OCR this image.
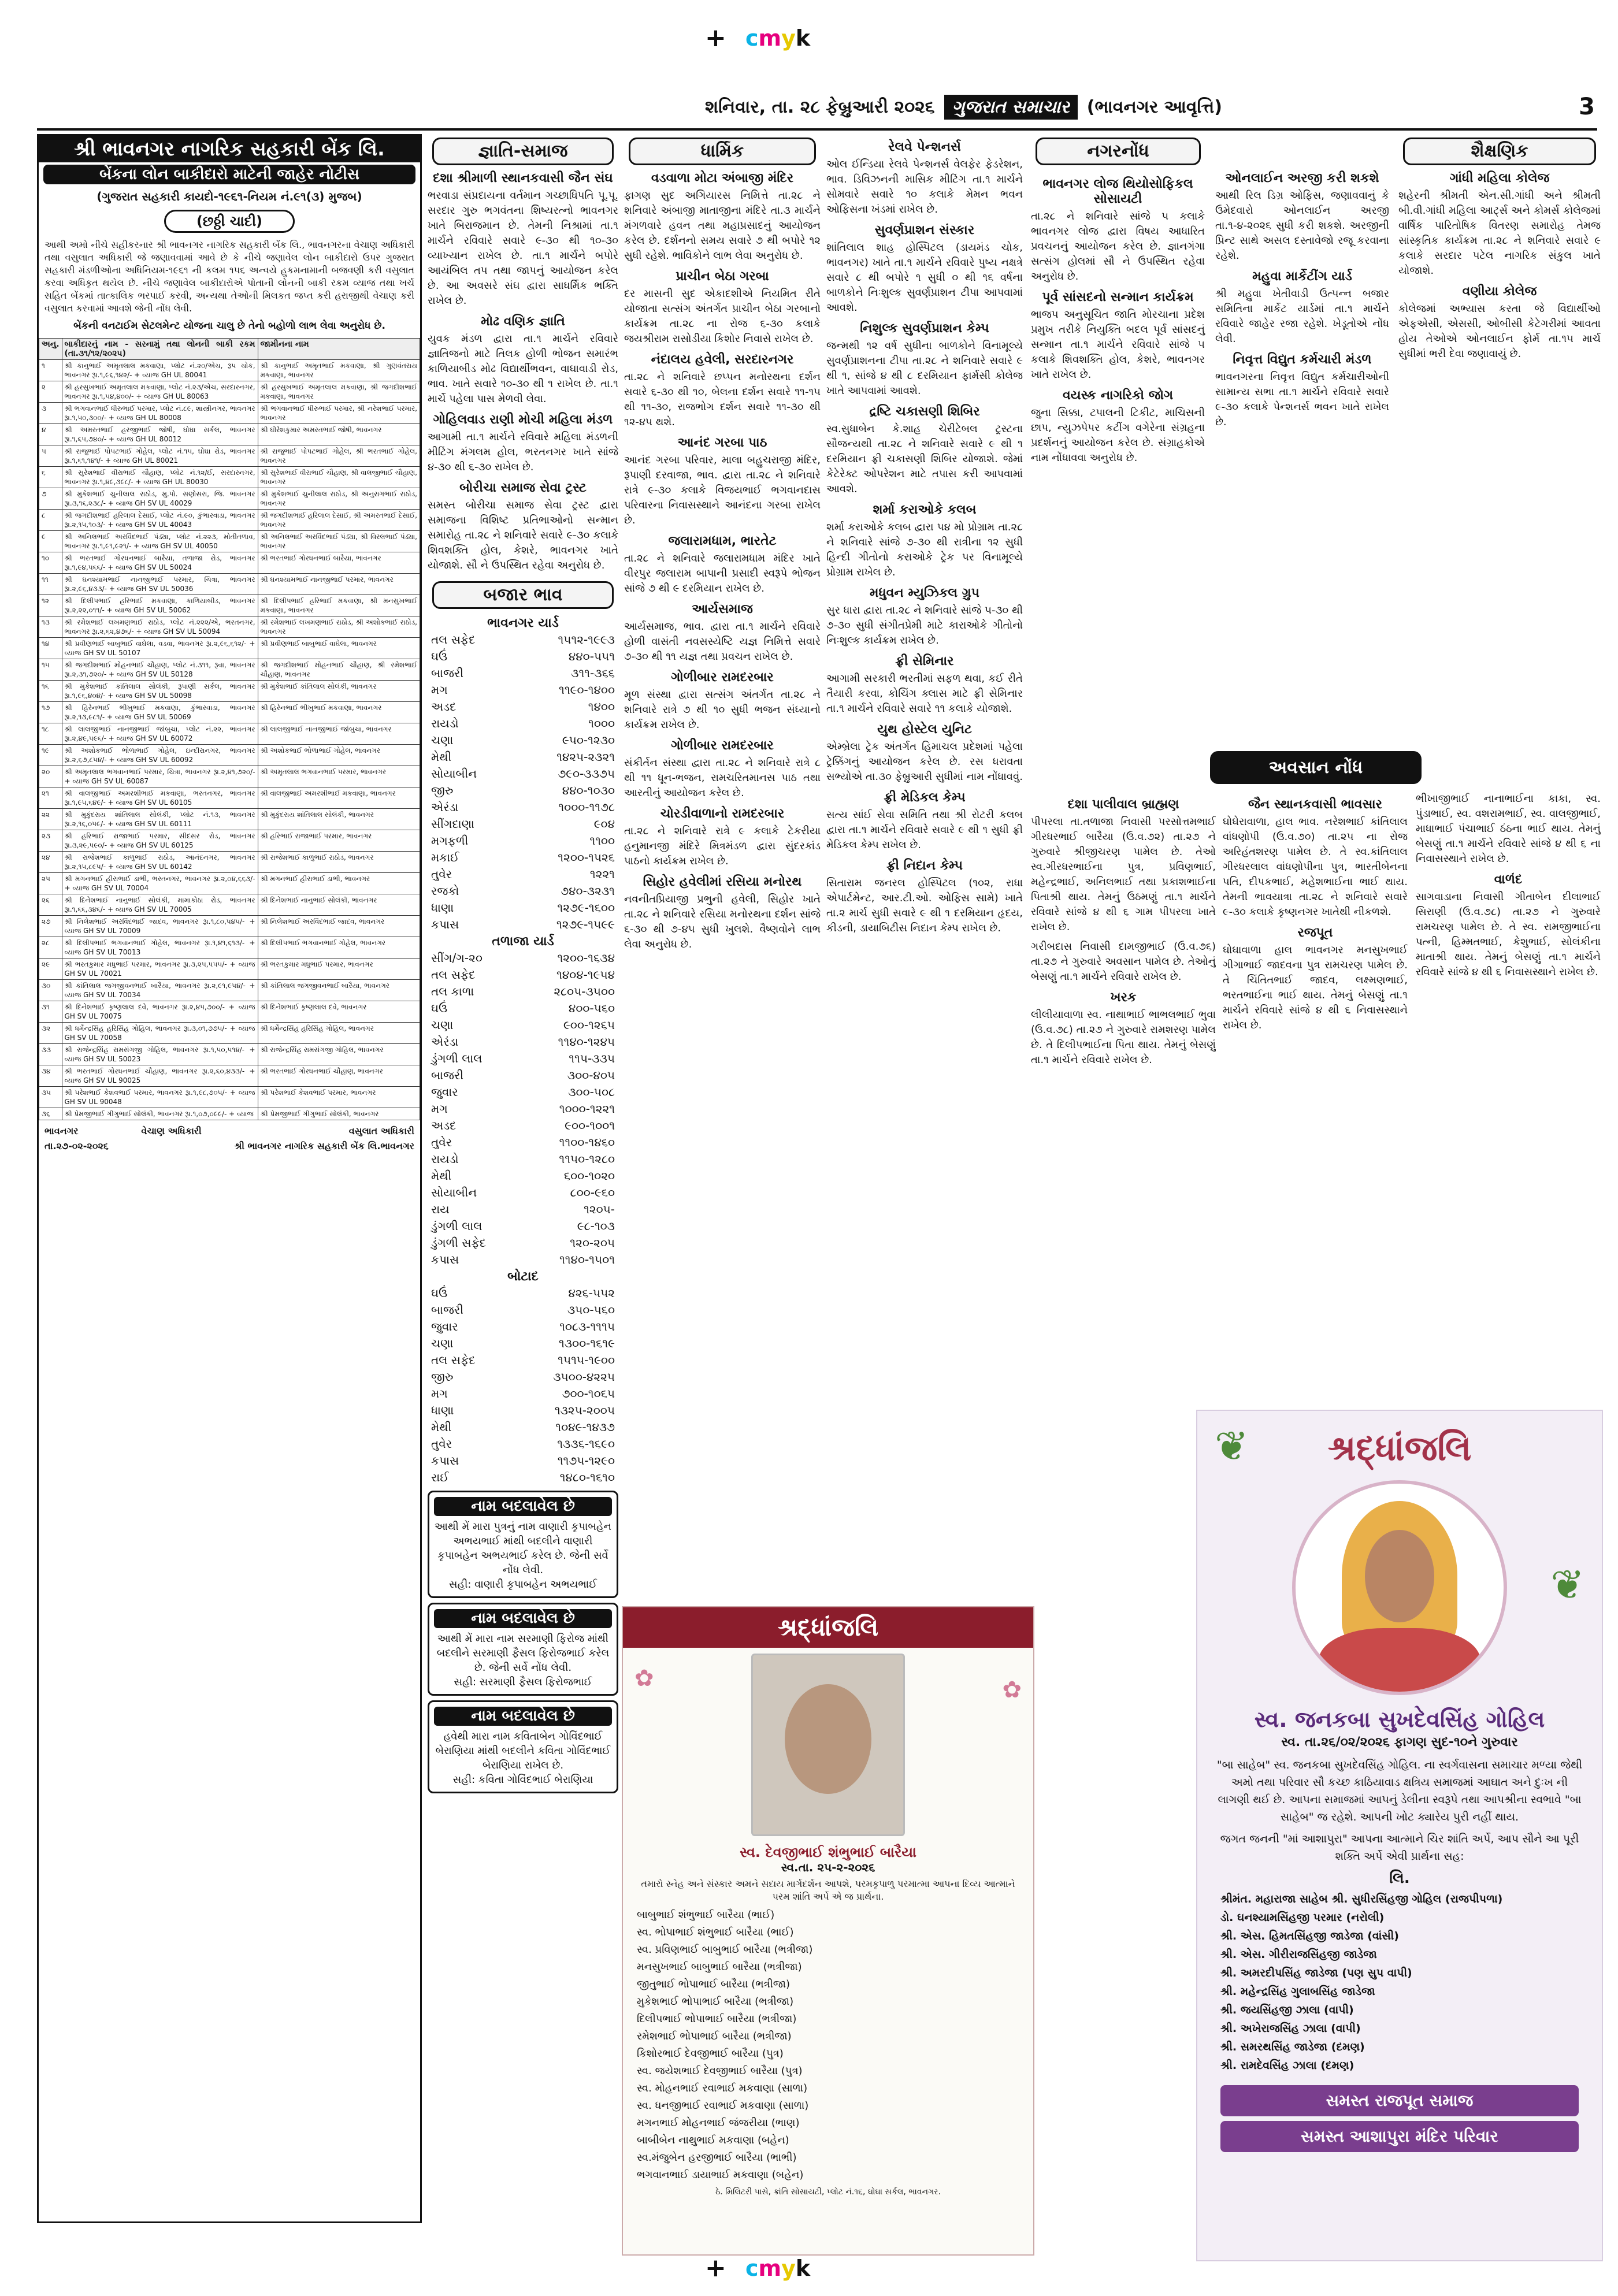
+ cmyk
શનિવાર, તા. ૨૮ ફેબ્રુઆરી ૨૦૨૬	ગુજરાત સમાચાર	(ભાવનગર આવૃત્તિ)	3
શ્રી ભાવનગર નાગરિક સહકારી બેંક લિ.
બેંકના લોન બાકીદારો માટેની જાહેર નોટીસ
(ગુજરાત સહકારી કાયદો-૧૯૬૧-નિયમ નં.૯૧(૩) મુજબ)
(છઠ્ઠી ચાદી)
આથી અમો નીચે સહીકરનાર શ્રી ભાવનગર નાગરિક સહકારી બેંક લિ., ભાવનગરના વેચાણ અધિકારી તથા વસુલાત અધિકારી જે જણાવવામાં આવે છે કે નીચે જણાવેલ લોન બાકીદારો ઉપર ગુજરાત સહકારી મંડળીઓના અધિનિયમ-૧૯૬૧ ની કલમ ૧૫૬ અન્વયે હુકમનામાની બજવણી કરી વસુલાત કરવા અધિકૃત થયેલ છે. નીચે જણાવેલ બાકીદારોએ પોતાની લોનની બાકી રકમ વ્યાજ તથા ખર્ચ સહિત બેંકમાં તાત્કાલિક ભરપાઈ કરવી, અન્યથા તેઓની મિલકત જપ્ત કરી હરાજીથી વેચાણ કરી વસુલાત કરવામાં આવશે જેની નોંધ લેવી.
બેંકની વનટાઈમ સેટલમેન્ટ યોજના ચાલુ છે તેનો બહોળો લાભ લેવા અનુરોધ છે.
અનુ.	બાકીદારનું નામ - સરનામું તથા લોનની બાકી રકમ (તા.૩૧/૧૨/૨૦૨૫)	જામીનના નામ
૧	શ્રી કાનુભાઈ અમૃતલાલ મકવાણા, પ્લોટ નં.૨૦/એચ, રૂપ ચોક, ભાવનગર રૂા.૧,૯૬,૧૪૨/- + વ્યાજ GH UL 80041	શ્રી કાનુભાઈ અમૃતભાઈ મકવાણા, શ્રી ગુણવંતરાય મકવાણા, ભાવનગર
૨	શ્રી હરસુખભાઈ અમૃતલાલ મકવાણા, પ્લોટ નં.૨૩/એચ, સરદારનગર, ભાવનગર રૂા.૧,૫૪,૪૦૦/- + વ્યાજ GH UL 80063	શ્રી હરસુખભાઈ અમૃતલાલ મકવાણા, શ્રી જગદીશભાઈ મકવાણા, ભાવનગર
૩	શ્રી ભગવાનભાઈ ધીરુભાઈ પરમાર, પ્લોટ નં.૮૯, શાસ્ત્રીનગર, ભાવનગર રૂા.૧,૫૦,૩૦૦/- + વ્યાજ GH UL 80008	શ્રી ભગવાનભાઈ ધીરુભાઈ પરમાર, શ્રી નરેશભાઈ પરમાર, ભાવનગર
૪	શ્રી અમરતભાઈ હરજીભાઈ જોષી, ઘોઘા સર્કલ, ભાવનગર રૂા.૧,૬૫,૭૪૦/- + વ્યાજ GH UL 80012	શ્રી ધીરેશકુમાર અમરતભાઈ જોષી, ભાવનગર
૫	શ્રી રાજુભાઈ પોપટભાઈ ગોહેલ, પ્લોટ નં.૧૫, ઘોઘા રોડ, ભાવનગર રૂા.૧,૬૧,૧૪૧/- + વ્યાજ GH UL 80021	શ્રી રાજુભાઈ પોપટભાઈ ગોહેલ, શ્રી ભરતભાઈ ગોહેલ, ભાવનગર
૬	શ્રી સુરેશભાઈ વીરાભાઈ ચૌહાણ, પ્લોટ નં.૧૨/ઈ, સરદારનગર, ભાવનગર રૂા.૧,૪૯,૩૯૮/- + વ્યાજ GH UL 80030	શ્રી સુરેશભાઈ વીરાભાઈ ચૌહાણ, શ્રી વાલજીભાઈ ચૌહાણ, ભાવનગર
૭	શ્રી મુકેશભાઈ ચુનીલાલ રાઠોડ, મુ.પો. સણોસરા, જિ. ભાવનગર રૂા.૩,૧૬,૨૩૮/- + વ્યાજ GH SV UL 40029	શ્રી મુકેશભાઈ ચુનીલાલ રાઠોડ, શ્રી અનુરાગભાઈ રાઠોડ, ભાવનગર
૮	શ્રી જગદીશભાઈ હરિલાલ દેસાઈ, પ્લોટ નં.૯૦, કુંભારવાડા, ભાવનગર રૂા.૨,૧૫,૧૦૩/- + વ્યાજ GH SV UL 40043	શ્રી જગદીશભાઈ હરિલાલ દેસાઈ, શ્રી અમરતભાઈ દેસાઈ, ભાવનગર
૯	શ્રી અનિલભાઈ અરવિંદભાઈ પંડ્યા, પ્લોટ નં.૨૨૩, મોતીતળાવ, ભાવનગર રૂા.૧,૯૧,૯૨૧/- + વ્યાજ GH SV UL 40050	શ્રી અનિલભાઈ અરવિંદભાઈ પંડ્યા, શ્રી વિરલભાઈ પંડ્યા, ભાવનગર
૧૦	શ્રી ભરતભાઈ ગોરધનભાઈ બારૈયા, તળાજા રોડ, ભાવનગર રૂા.૧,૯૪,૫૬૬/- + વ્યાજ GH SV UL 50024	શ્રી ભરતભાઈ ગોરધનભાઈ બારૈયા, ભાવનગર
૧૧	શ્રી ઘનશ્યામભાઈ નાનજીભાઈ પરમાર, ચિત્રા, ભાવનગર રૂા.૨,૯૬,૪૩૩/- + વ્યાજ GH SV UL 50036	શ્રી ઘનશ્યામભાઈ નાનજીભાઈ પરમાર, ભાવનગર
૧૨	શ્રી દિલીપભાઈ હરિભાઈ મકવાણા, કાળિયાબીડ, ભાવનગર રૂા.૨,૨૨,૦૧૧/- + વ્યાજ GH SV UL 50062	શ્રી દિલીપભાઈ હરિભાઈ મકવાણા, શ્રી મનસુખભાઈ મકવાણા, ભાવનગર
૧૩	શ્રી રમેશભાઈ લખમણભાઈ રાઠોડ, પ્લોટ નં.૨૨૨/એ, ભરતનગર, ભાવનગર રૂા.૨,૬૨,૪૭૬/- + વ્યાજ GH SV UL 50094	શ્રી રમેશભાઈ લખમણભાઈ રાઠોડ, શ્રી અશોકભાઈ રાઠોડ, ભાવનગર
૧૪	શ્રી પ્રવીણભાઈ બાબુભાઈ વાઘેલા, વડવા, ભાવનગર રૂા.૨,૯૬,૬૧૨/- + વ્યાજ GH SV UL 50107	શ્રી પ્રવીણભાઈ બાબુભાઈ વાઘેલા, ભાવનગર
૧૫	શ્રી જગદીશભાઈ મોહનભાઈ ચૌહાણ, પ્લોટ નં.૩૧૧, રૂવા, ભાવનગર રૂા.૨,૩૧,૭૨૦/- + વ્યાજ GH SV UL 50128	શ્રી જગદીશભાઈ મોહનભાઈ ચૌહાણ, શ્રી રમેશભાઈ ચૌહાણ, ભાવનગર
૧૬	શ્રી મુકેશભાઈ કાંતિલાલ સોલંકી, રૂપાણી સર્કલ, ભાવનગર રૂા.૧,૯૬,૪૦૪/- + વ્યાજ GH SV UL 50098	શ્રી મુકેશભાઈ કાંતિલાલ સોલંકી, ભાવનગર
૧૭	શ્રી હિરેનભાઈ ભીખુભાઈ મકવાણા, કુંભારવાડા, ભાવનગર રૂા.૨,૧૩,૯૮૧/- + વ્યાજ GH SV UL 50069	શ્રી હિરેનભાઈ ભીખુભાઈ મકવાણા, ભાવનગર
૧૮	શ્રી લાલજીભાઈ નાનજીભાઈ જાંબુચા, પ્લોટ નં.૨૨, ભાવનગર રૂા.૨,૪૯,૫૯૬/- + વ્યાજ GH SV UL 60072	શ્રી લાલજીભાઈ નાનજીભાઈ જાંબુચા, ભાવનગર
૧૯	શ્રી અશોકભાઈ ભોળાભાઈ ગોહેલ, ઇન્દીરાનગર, ભાવનગર રૂા.૨,૬૭,૮૫૪/- + વ્યાજ GH SV UL 60092	શ્રી અશોકભાઈ ભોળાભાઈ ગોહેલ, ભાવનગર
૨૦	શ્રી અમૃતલાલ ભગવાનભાઈ પરમાર, ચિત્રા, ભાવનગર રૂા.૨,૪૧,૭૨૦/- + વ્યાજ GH SV UL 60087	શ્રી અમૃતલાલ ભગવાનભાઈ પરમાર, ભાવનગર
૨૧	શ્રી વાલજીભાઈ અમરશીભાઈ મકવાણા, ભરતનગર, ભાવનગર રૂા.૧,૯૫,૬૪૯/- + વ્યાજ GH SV UL 60105	શ્રી વાલજીભાઈ અમરશીભાઈ મકવાણા, ભાવનગર
૨૨	શ્રી મુકુંદરાય શાંતિલાલ સોલંકી, પ્લોટ નં.૧૩, ભાવનગર રૂા.૨,૧૬,૦૫૯/- + વ્યાજ GH SV UL 60111	શ્રી મુકુંદરાય શાંતિલાલ સોલંકી, ભાવનગર
૨૩	શ્રી હરિભાઈ રાજાભાઈ પરમાર, સીદસર રોડ, ભાવનગર રૂા.૩,૨૯,૫૯૦/- + વ્યાજ GH SV UL 60125	શ્રી હરિભાઈ રાજાભાઈ પરમાર, ભાવનગર
૨૪	શ્રી રાજેશભાઈ કાળુભાઈ રાઠોડ, આનંદનગર, ભાવનગર રૂા.૨,૧૫,૮૯૫/- + વ્યાજ GH SV UL 60142	શ્રી રાજેશભાઈ કાળુભાઈ રાઠોડ, ભાવનગર
૨૫	શ્રી મગનભાઈ હીરાભાઈ ડાભી, ભરતનગર, ભાવનગર રૂા.૨,૦૪,૬૬૩/- + વ્યાજ GH SV UL 70004	શ્રી મગનભાઈ હીરાભાઈ ડાભી, ભાવનગર
૨૬	શ્રી દિનેશભાઈ નાનુભાઈ સોલંકી, મામાકોઠા રોડ, ભાવનગર રૂા.૧,૬૬,૩૪૬/- + વ્યાજ GH SV UL 70005	શ્રી દિનેશભાઈ નાનુભાઈ સોલંકી, ભાવનગર
૨૭	શ્રી નિલેશભાઈ અરવિંદભાઈ જાદવ, ભાવનગર રૂા.૧,૮૦,૫૪૫/- + વ્યાજ GH SV UL 70009	શ્રી નિલેશભાઈ અરવિંદભાઈ જાદવ, ભાવનગર
૨૮	શ્રી દિલીપભાઈ ભગવાનભાઈ ગોહેલ, ભાવનગર રૂા.૧,૪૧,૬૧૩/- + વ્યાજ GH SV UL 70013	શ્રી દિલીપભાઈ ભગવાનભાઈ ગોહેલ, ભાવનગર
૨૯	શ્રી ભરતકુમાર મધુભાઈ પરમાર, ભાવનગર રૂા.૩,૨૫,૫૫૫/- + વ્યાજ GH SV UL 70021	શ્રી ભરતકુમાર મધુભાઈ પરમાર, ભાવનગર
૩૦	શ્રી કાંતિલાલ જગજીવનભાઈ બારૈયા, ભાવનગર રૂા.૨,૯૧,૯૫૪/- + વ્યાજ GH SV UL 70034	શ્રી કાંતિલાલ જગજીવનભાઈ બારૈયા, ભાવનગર
૩૧	શ્રી દિનેશભાઈ કૃષ્ણલાલ દવે, ભાવનગર રૂા.૨,૪૫,૭૦૦/- + વ્યાજ GH SV UL 70075	શ્રી દિનેશભાઈ કૃષ્ણલાલ દવે, ભાવનગર
૩૨	શ્રી ધર્મેન્દ્રસિંહ હરિસિંહ ગોહિલ, ભાવનગર રૂા.૩,૦૧,૭૭૫/- + વ્યાજ GH SV UL 70058	શ્રી ધર્મેન્દ્રસિંહ હરિસિંહ ગોહિલ, ભાવનગર
૩૩	શ્રી રાજેન્દ્રસિંહ રામસંગજી ગોહિલ, ભાવનગર રૂા.૧,૫૦,૫૧૪/- + વ્યાજ GH SV UL 50023	શ્રી રાજેન્દ્રસિંહ રામસંગજી ગોહિલ, ભાવનગર
૩૪	શ્રી ભરતભાઈ ગોરધનભાઈ ચૌહાણ, ભાવનગર રૂા.૨,૬૦,૪૩૩/- + વ્યાજ GH SV UL 90025	શ્રી ભરતભાઈ ગોરધનભાઈ ચૌહાણ, ભાવનગર
૩૫	શ્રી પરેશભાઈ કેશવભાઈ પરમાર, ભાવનગર રૂા.૧,૯૮,૭૦૫/- + વ્યાજ GH SV UL 90048	શ્રી પરેશભાઈ કેશવભાઈ પરમાર, ભાવનગર
૩૬	શ્રી પ્રેમજીભાઈ ગીગુભાઈ સોલંકી, ભાવનગર રૂા.૧,૦૭,૦૯૯/- + વ્યાજ	શ્રી પ્રેમજીભાઈ ગીગુભાઈ સોલંકી, ભાવનગર
ભાવનગર
તા.૨૭-૦૨-૨૦૨૬
વેચાણ અધિકારી	વસુલાત અધિકારી
શ્રી ભાવનગર નાગરિક સહકારી બેંક લિ.ભાવનગર
જ્ઞાતિ-સમાજ
દશા શ્રીમાળી સ્થાનકવાસી જૈન સંઘ

ભરવાડા સંપ્રદાયના વર્તમાન ગચ્છાધિપતિ પૂ.પૂ. સરદાર ગુરુ ભગવંતના શિષ્યરત્નો ભાવનગર ખાતે બિરાજમાન છે. તેમની નિશ્રામાં તા.૧ માર્ચને રવિવારે સવારે ૯-૩૦ થી ૧૦-૩૦ વ્યાખ્યાન રાખેલ છે. તા.૧ માર્ચને બપોરે આયંબિલ તપ તથા જાપનું આયોજન કરેલ છે. આ અવસરે સંઘ દ્વારા સાધર્મિક ભક્તિ રાખેલ છે.

મોઢ વણિક જ્ઞાતિ

યુવક મંડળ દ્વારા તા.૧ માર્ચને રવિવારે જ્ઞાતિજનો માટે તિલક હોળી ભોજન સમારંભ કાળિયાબીડ મોઢ વિદ્યાર્થીભવન, વાઘાવાડી રોડ, ભાવ. ખાતે સવારે ૧૦-૩૦ થી ૧ રાખેલ છે. તા.૧ માર્ચે પહેલા પાસ મેળવી લેવા.

ગોહિલવાડ રાણી મોચી મહિલા મંડળ

આગામી તા.૧ માર્ચને રવિવારે મહિલા મંડળની મીટિંગ મંગલમ હોલ, ભરતનગર ખાતે સાંજે ૪-૩૦ થી ૬-૩૦ રાખેલ છે.

બોરીચા સમાજ સેવા ટ્રસ્ટ

સમસ્ત બોરીચા સમાજ સેવા ટ્રસ્ટ દ્વારા સમાજના વિશિષ્ટ પ્રતિભાઓનો સન્માન સમારોહ તા.૨૮ ને શનિવારે સવારે ૯-૩૦ કલાકે શિવશક્તિ હોલ, કેશરે, ભાવનગર ખાતે યોજાશે. સૌ ને ઉપસ્થિત રહેવા અનુરોધ છે.

બજાર ભાવ
ભાવનગર યાર્ડ	
તલ સફેદ	૧૫૧૨-૧૯૯૩
ઘઉં	૪૪૦-૫૫૧
બાજરી	૩૧૧-૩૬૬
મગ	૧૧૯૦-૧૪૦૦
અડદ	૧૪૦૦
રાયડો	૧૦૦૦
ચણા	૯૫૦-૧૨૩૦
મેથી	૧૪૨૫-૨૩૨૧
સોયાબીન	૭૯૦-૩૩૭૫
જીરુ	૪૪૦-૧૦૩૦
એરંડા	૧૦૦૦-૧૧૭૮
સીંગદાણા	૯૦૪
મગફળી	૧૧૦૦
મકાઈ	૧૨૦૦-૧૫૨૬
તુવેર	૧૨૨૧
રજકો	૭૪૦-૩૨૩૧
ધાણા	૧૨૭૯-૧૬૦૦
કપાસ	૧૨૭૯-૧૫૯૯
તળાજા યાર્ડ	
સીંગ/ગ-૨૦	૧૨૦૦-૧૬૩૪
તલ સફેદ	૧૪૦૪-૧૯૫૪
તલ કાળા	૨૮૦૫-૩૫૦૦
ઘઉં	૪૦૦-૫૬૦
ચણા	૯૦૦-૧૨૬૫
એરંડા	૧૧૪૦-૧૨૪૫
ડુંગળી લાલ	૧૧૫-૩૩૫
બાજરી	૩૦૦-૪૦૫
જુવાર	૩૦૦-૫૦૮
મગ	૧૦૦૦-૧૨૨૧
અડદ	૯૦૦-૧૦૦૧
તુવેર	૧૧૦૦-૧૪૬૦
રાયડો	૧૧૫૦-૧૨૮૦
મેથી	૬૦૦-૧૦૨૦
સોયાબીન	૮૦૦-૯૬૦
રાય	૧૨૦૫-
ડુંગળી લાલ	૯૮-૧૦૩
ડુંગળી સફેદ	૧૨૦-૨૦૫
કપાસ	૧૧૪૦-૧૫૦૧
બોટાદ	
ઘઉં	૪૨૬-૫૫૨
બાજરી	૩૫૦-૫૬૦
જુવાર	૧૦૮૩-૧૧૧૫
ચણા	૧૩૦૦-૧૬૧૯
તલ સફેદ	૧૫૧૫-૧૯૦૦
જીરુ	૩૫૦૦-૪૨૨૫
મગ	૭૦૦-૧૦૬૫
ધાણા	૧૩૨૫-૨૦૦૫
મેથી	૧૦૪૯-૧૪૩૭
તુવેર	૧૩૩૬-૧૬૯૦
કપાસ	૧૧૭૫-૧૨૯૦
રાઈ	૧૪૮૦-૧૬૧૦
નામ બદલાવેલ છે
આથી મેં મારા પુત્રનું નામ વાણારી કૃપાબહેન અભયભાઈ માંથી બદલીને વાણારી કૃપાબહેન અભયભાઈ કરેલ છે. જેની સર્વે નોંધ લેવી.
સહી: વાણારી કૃપાબહેન અભયભાઈ
નામ બદલાવેલ છે
આથી મેં મારા નામ સરમાણી ફિરોજ માંથી બદલીને સરમાણી ફૈસલ ફિરોજભાઈ કરેલ છે. જેની સર્વે નોંધ લેવી.
સહી: સરમાણી ફૈસલ ફિરોજભાઈ
નામ બદલાવેલ છે
હવેથી મારા નામ કવિતાબેન ગોવિંદભાઈ બેરાણિયા માંથી બદલીને કવિતા ગોવિંદભાઈ બેરાણિયા રાખેલ છે.
સહી: કવિતા ગોવિંદભાઈ બેરાણિયા
ધાર્મિક
વડવાળા મોટા અંબાજી મંદિર

ફાગણ સુદ અગિયારસ નિમિત્તે તા.૨૮ ને શનિવારે અંબાજી માતાજીના મંદિરે તા.૩ માર્ચને મંગળવારે હવન તથા મહાપ્રસાદનું આયોજન કરેલ છે. દર્શનનો સમય સવારે ૭ થી બપોરે ૧૨ સુધી રહેશે. ભાવિકોને લાભ લેવા અનુરોધ છે.

પ્રાચીન બેઠા ગરબા

દર માસની સુદ એકાદશીએ નિયમિત રીતે યોજાતા સત્સંગ અંતર્ગત પ્રાચીન બેઠા ગરબાનો કાર્યક્રમ તા.૨૮ ના રોજ ૬-૩૦ કલાકે જયશ્રીરામ રાસોડીયા કિશોર નિવાસે રાખેલ છે.

નંદાલય હવેલી, સરદારનગર

તા.૨૮ ને શનિવારે છપ્પન મનોરથના દર્શન સવારે ૬-૩૦ થી ૧૦, બેલના દર્શન સવારે ૧૧-૧૫ થી ૧૧-૩૦, રાજભોગ દર્શન સવારે ૧૧-૩૦ થી ૧૨-૪૫ થશે.

આનંદ ગરબા પાઠ

આનંદ ગરબા પરિવાર, માલા બહુચરાજી મંદિર, રૂપાણી દરવાજા, ભાવ. દ્વારા તા.૨૮ ને શનિવારે રાત્રે ૯-૩૦ કલાકે વિજયભાઈ ભગવાનદાસ પરિવારના નિવાસસ્થાને આનંદના ગરબા રાખેલ છે.

જલારામધામ, ભારતેટ

તા.૨૮ ને શનિવારે જલારામધામ મંદિર ખાતે વીરપુર જલારામ બાપાની પ્રસાદી સ્વરૂપે ભોજન સાંજે ૭ થી ૯ દરમિયાન રાખેલ છે.

આર્યસમાજ

આર્યસમાજ, ભાવ. દ્વારા તા.૧ માર્ચને રવિવારે હોળી વાસંતી નવસસ્યેષ્ટિ યજ્ઞ નિમિત્તે સવારે ૭-૩૦ થી ૧૧ યજ્ઞ તથા પ્રવચન રાખેલ છે.

ગોળીબાર રામદરબાર

મૂળ સંસ્થા દ્વારા સત્સંગ અંતર્ગત તા.૨૮ ને શનિવારે રાત્રે ૭ થી ૧૦ સુધી ભજન સંધ્યાનો કાર્યક્રમ રાખેલ છે.

ગોળીબાર રામદરબાર

સંકીર્તન સંસ્થા દ્વારા તા.૨૮ ને શનિવારે રાત્રે ૮ થી ૧૧ ધૂન-ભજન, રામચરિતમાનસ પાઠ તથા આરતીનું આયોજન કરેલ છે.

ચોરડીવાળાનો રામદરબાર

તા.૨૮ ને શનિવારે રાત્રે ૯ કલાકે ટેકરીયા હનુમાનજી મંદિરે મિત્રમંડળ દ્વારા સુંદરકાંડ પાઠનો કાર્યક્રમ રાખેલ છે.

સિહોર હવેલીમાં રસિયા મનોરથ

નવનીતપ્રિયાજી પ્રભુની હવેલી, સિહોર ખાતે તા.૨૮ ને શનિવારે રસિયા મનોરથના દર્શન સાંજે ૬-૩૦ થી ૭-૪૫ સુધી ખુલશે. વૈષ્ણવોને લાભ લેવા અનુરોધ છે.

રેલવે પેન્શનર્સ

ઓલ ઈન્ડિયા રેલવે પેન્શનર્સ વેલફેર ફેડરેશન, ભાવ. ડિવિઝનની માસિક મીટિંગ તા.૧ માર્ચને સોમવારે સવારે ૧૦ કલાકે મેમન ભવન ઓફિસના ખંડમાં રાખેલ છે.

સુવર્ણપ્રાશન સંસ્કાર

શાંતિલાલ શાહ હોસ્પિટલ (ડાયમંડ ચોક, ભાવનગર) ખાતે તા.૧ માર્ચને રવિવારે પુષ્ય નક્ષત્રે સવારે ૮ થી બપોરે ૧ સુધી ૦ થી ૧૬ વર્ષના બાળકોને નિઃશુલ્ક સુવર્ણપ્રાશન ટીપા આપવામાં આવશે.

નિશુલ્ક સુવર્ણપ્રાશન કેમ્પ

જન્મથી ૧૨ વર્ષ સુધીના બાળકોને વિનામૂલ્યે સુવર્ણપ્રાશનના ટીપા તા.૨૮ ને શનિવારે સવારે ૯ થી ૧, સાંજે ૪ થી ૮ દરમિયાન ફાર્મસી કોલેજ ખાતે આપવામાં આવશે.

દ્રષ્ટિ ચકાસણી શિબિર

સ્વ.સુધાબેન કે.શાહ ચેરીટેબલ ટ્રસ્ટના સૌજન્યથી તા.૨૮ ને શનિવારે સવારે ૯ થી ૧ દરમિયાન ફ્રી ચકાસણી શિબિર યોજાશે. જેમાં કેટેરેક્ટ ઓપરેશન માટે તપાસ કરી આપવામાં આવશે.

શર્મા કરાઓકે કલબ

શર્મા કરાઓકે કલબ દ્વારા ૫૪ મો પ્રોગ્રામ તા.૨૮ ને શનિવારે સાંજે ૭-૩૦ થી રાત્રીના ૧૨ સુધી હિન્દી ગીતોનો કરાઓકે ટ્રેક પર વિનામૂલ્યે પ્રોગ્રામ રાખેલ છે.

મધુવન મ્યુઝિકલ ગ્રુપ

સુર ધારા દ્વારા તા.૨૮ ને શનિવારે સાંજે ૫-૩૦ થી ૭-૩૦ સુધી સંગીતપ્રેમી માટે કારાઓકે ગીતોનો નિઃશુલ્ક કાર્યક્રમ રાખેલ છે.

ફ્રી સેમિનાર

આગામી સરકારી ભરતીમાં સફળ થવા, કઈ રીતે તૈયારી કરવા, કોચિંગ ક્લાસ માટે ફ્રી સેમિનાર તા.૧ માર્ચને રવિવારે સવારે ૧૧ કલાકે યોજાશે.

યુથ હોસ્ટેલ યુનિટ

એમ્બ્રેલા ટ્રેક અંતર્ગત હિમાચલ પ્રદેશમાં પહેલા ટ્રેક્કિંગનું આયોજન કરેલ છે. રસ ધરાવતા સભ્યોએ તા.૩૦ ફેબ્રુઆરી સુધીમાં નામ નોંધાવવું.

ફ્રી મેડિકલ કેમ્પ

સત્ય સાંઈ સેવા સમિતિ તથા શ્રી રોટરી કલબ દ્વારા તા.૧ માર્ચને રવિવારે સવારે ૯ થી ૧ સુધી ફ્રી મેડિકલ કેમ્પ રાખેલ છે.

ફ્રી નિદાન કેમ્પ

સિતારામ જનરલ હોસ્પિટલ (૧૦૨, રાધા એપાર્ટમેન્ટ, આર.ટી.ઓ. ઓફિસ સામે) ખાતે તા.૨ માર્ચ સુધી સવારે ૯ થી ૧ દરમિયાન હૃદય, કીડની, ડાયાબિટીસ નિદાન કેમ્પ રાખેલ છે.

નગરનોંધ
ભાવનગર લોજ થિયોસોફિકલ સોસાયટી

તા.૨૮ ને શનિવારે સાંજે ૫ કલાકે ભાવનગર લોજ દ્વારા વિષય આધારિત પ્રવચનનું આયોજન કરેલ છે. જ્ઞાનગંગા સત્સંગ હોલમાં સૌ ને ઉપસ્થિત રહેવા અનુરોધ છે.

પૂર્વ સાંસદનો સન્માન કાર્યક્રમ

ભાજપ અનુસૂચિત જાતિ મોરચાના પ્રદેશ પ્રમુખ તરીકે નિયુક્તિ બદલ પૂર્વ સાંસદનું સન્માન તા.૧ માર્ચને રવિવારે સાંજે ૫ કલાકે શિવશક્તિ હોલ, કેશરે, ભાવનગર ખાતે રાખેલ છે.

વયસ્ક નાગરિકો જોગ

જુના સિક્કા, ટપાલની ટિકીટ, માચિસની છાપ, ન્યુઝપેપર કટીંગ વગેરેના સંગ્રહના પ્રદર્શનનું આયોજન કરેલ છે. સંગ્રાહકોએ નામ નોંધાવવા અનુરોધ છે.

ઓનલાઈન અરજી કરી શકશે

આથી રિલ ડિગ્ર ઓફિસ, જણાવવાનું કે ઉમેદવારો ઓનલાઈન અરજી તા.૧-૪-૨૦૨૬ સુધી કરી શકશે. અરજીની પ્રિન્ટ સાથે અસલ દસ્તાવેજો રજૂ કરવાના રહેશે.

મહુવા માર્કેટીંગ યાર્ડ

શ્રી મહુવા ખેતીવાડી ઉત્પન્ન બજાર સમિતિના માર્કેટ યાર્ડમાં તા.૧ માર્ચને રવિવારે જાહેર રજા રહેશે. ખેડૂતોએ નોંધ લેવી.

નિવૃત્ત વિદ્યુત કર્મચારી મંડળ

ભાવનગરના નિવૃત્ત વિદ્યુત કર્મચારીઓની સામાન્ય સભા તા.૧ માર્ચને રવિવારે સવારે ૯-૩૦ કલાકે પેન્શનર્સ ભવન ખાતે રાખેલ છે.

શૈક્ષણિક
ગાંધી મહિલા કોલેજ

શહેરની શ્રીમતી એન.સી.ગાંધી અને શ્રીમતી બી.વી.ગાંધી મહિલા આર્ટ્સ અને કોમર્સ કોલેજમાં વાર્ષિક પારિતોષિક વિતરણ સમારોહ તેમજ સાંસ્કૃતિક કાર્યક્રમ તા.૨૮ ને શનિવારે સવારે ૯ કલાકે સરદાર પટેલ નાગરિક સંકુલ ખાતે યોજાશે.

વણીયા કોલેજ

કોલેજમાં અભ્યાસ કરતા જે વિદ્યાર્થીઓ એફએસી, એસસી, ઓબીસી કેટેગરીમાં આવતા હોય તેઓએ ઓનલાઈન ફોર્મ તા.૧૫ માર્ચ સુધીમાં ભરી દેવા જણાવાયું છે.

અવસાન નોંધ
દશા પાલીવાલ બ્રાહ્મણ

પીપરલા તા.તળાજા નિવાસી પરસોત્તમભાઈ ગીરધરભાઈ બારૈયા (ઉ.વ.૭૨) તા.૨૭ ને ગુરુવારે શ્રીજીચરણ પામેલ છે. તેઓ સ્વ.ગીરધરભાઈના પુત્ર, પ્રવિણભાઈ, મહેન્દ્રભાઈ, અનિલભાઈ તથા પ્રકાશભાઈના પિતાશ્રી થાય. તેમનું ઉઠમણું તા.૧ માર્ચને રવિવારે સાંજે ૪ થી ૬ ગામ પીપરલા ખાતે રાખેલ છે.

ગરીબદાસ નિવાસી દામજીભાઈ (ઉ.વ.૭૬) તા.૨૭ ને ગુરુવારે અવસાન પામેલ છે. તેઓનું બેસણું તા.૧ માર્ચને રવિવારે રાખેલ છે.

ખરક

લીલીયાવાળા સ્વ. નાથાભાઈ ભાભલભાઈ ભુવા (ઉ.વ.૭૮) તા.૨૭ ને ગુરુવારે રામશરણ પામેલ છે. તે દિલીપભાઈના પિતા થાય. તેમનું બેસણું તા.૧ માર્ચને રવિવારે રાખેલ છે.

જૈન સ્થાનકવાસી ભાવસાર

ઘોઘેરાવાળા, હાલ ભાવ. નરેશભાઈ કાંતિલાલ વાંધણોપી (ઉ.વ.૭૦) તા.૨૫ ના રોજ અરિહંતશરણ પામેલ છે. તે સ્વ.કાંતિલાલ ગીરધરલાલ વાંધણોપીના પુત્ર, ભારતીબેનના પતિ, દીપકભાઈ, મહેશભાઈના ભાઈ થાય. તેમની ભાવયાત્રા તા.૨૮ ને શનિવારે સવારે ૯-૩૦ કલાકે કૃષ્ણનગર ખાતેથી નીકળશે.

રજપૂત

ઘોઘાવાળા હાલ ભાવનગર મનસુખભાઈ ગીગાભાઈ જાદવના પુત્ર રામચરણ પામેલ છે. તે ચિંતિતભાઈ જાદવ, લક્ષ્મણભાઈ, ભરતભાઈના ભાઈ થાય. તેમનું બેસણું તા.૧ માર્ચને રવિવારે સાંજે ૪ થી ૬ નિવાસસ્થાને રાખેલ છે.

ભીખાજીભાઈ નાનાભાઈના કાકા, સ્વ. પુંડાભાઈ, સ્વ. વશરામભાઈ, સ્વ. વાલજીભાઈ, માધાભાઈ પંચાભાઈ ઠંઠના ભાઈ થાય. તેમનું બેસણું તા.૧ માર્ચને રવિવારે સાંજે ૪ થી ૬ ના નિવાસસ્થાને રાખેલ છે.

વાળંદ

સાગવાડાના નિવાસી ગીતાબેન દીલાભાઈ સિરાણી (ઉ.વ.૭૮) તા.૨૭ ને ગુરુવારે રામચરણ પામેલ છે. તે સ્વ. રામજીભાઈના પત્ની, હિમ્મતભાઈ, કેશુભાઈ, સોલંકીના માતાશ્રી થાય. તેમનું બેસણું તા.૧ માર્ચને રવિવારે સાંજે ૪ થી ૬ નિવાસસ્થાને રાખેલ છે.

શ્રદ્ધાંજલિ
✿	✿
સ્વ. દેવજીભાઈ શંભુભાઈ બારૈયા
સ્વ.તા. ૨૫-૨-૨૦૨૬
તમારો સ્નેહ અને સંસ્કાર અમને સદાય માર્ગદર્શન આપશે, પરમકૃપાળુ પરમાત્મા આપના દિવ્ય આત્માને પરમ શાંતિ અર્પે એ જ પ્રાર્થના.
બાબુભાઈ શંભુભાઈ બારૈયા (ભાઈ)
સ્વ. ભોપાભાઈ શંભુભાઈ બારૈયા (ભાઈ)
સ્વ. પ્રવિણભાઈ બાબુભાઈ બારૈયા (ભત્રીજા)
મનસુખભાઈ બાબુભાઈ બારૈયા (ભત્રીજા)
જીતુભાઈ ભોપાભાઈ બારૈયા (ભત્રીજા)
મુકેશભાઈ ભોપાભાઈ બારૈયા (ભત્રીજા)
દિલીપભાઈ ભોપાભાઈ બારૈયા (ભત્રીજા)
રમેશભાઈ ભોપાભાઈ બારૈયા (ભત્રીજા)
કિશોરભાઈ દેવજીભાઈ બારૈયા (પુત્ર)
સ્વ. જયેશભાઈ દેવજીભાઈ બારૈયા (પુત્ર)
સ્વ. મોહનભાઈ રવાભાઈ મકવાણા (સાળા)
સ્વ. ધનજીભાઈ રવાભાઈ મકવાણા (સાળા)
મગનભાઈ મોહનભાઈ જંજરીયા (ભાણ)
બાબીબેન નાથુભાઈ મકવાણા (બહેન)
સ્વ.મંજુબેન હરજીભાઈ બારૈયા (ભાભી)
ભગવાનભાઈ ડાયાભાઈ મકવાણા (બહેન)
ઠે. મિલિટરી પાસે, ક્રાંતિ સોસાયટી, પ્લોટ નં.૧૬, ઘોઘા સર્કલ, ભાવનગર.
શ્રદ્ધાંજલિ
❦
❦
સ્વ. જનકબા સુખદેવસિંહ ગોહિલ
સ્વ. તા.૨૬/૦૨/૨૦૨૬ ફાગણ સુદ-૧૦ને ગુરુવાર
"બા સાહેબ" સ્વ. જનકબા સુખદેવસિંહ ગોહિલ. ના સ્વર્ગવાસના સમાચાર મળ્યા જેથી અમો તથા પરિવાર સૌ કચ્છ કાઠિયાવાડ ક્ષત્રિય સમાજમાં આઘાત અને દુઃખ ની લાગણી થઈ છે. આપના સમાજમાં આપનું ડેલીના સ્વરૂપે તથા આપશ્રીના સ્વભાવે "બા સાહેબ" જ રહેશે. આપની ખોટ ક્યારેય પુરી નહીં થાય.
જગત જનની "માં આશાપુરા" આપના આત્માને ચિર શાંતિ અર્પે, આપ સૌને આ પૂરી શક્તિ અર્પે એવી પ્રાર્થના સહ:
લિ.
શ્રીમંત. મહારાજા સાહેબ શ્રી. સુધીરસિંહજી ગોહિલ (રાજપીપળા)
ડો. ઘનશ્યામસિંહજી પરમાર (નરોલી)
શ્રી. એસ. હિમતસિંહજી જાડેજા (વાંસી)
શ્રી. એસ. ગીરીરાજસિંહજી જાડેજા
શ્રી. અમરદીપસિંહ જાડેજા (પણ સુપ વાપી)
શ્રી. મહેન્દ્રસિંહ ગુલાબસિંહ જાડેજા
શ્રી. જયસિંહજી ઝાલા (વાપી)
શ્રી. અખેરાજસિંહ ઝાલા (વાપી)
શ્રી. સમરથસિંહ જાડેજા (દમણ)
શ્રી. રામદેવસિંહ ઝાલા (દમણ)
સમસ્ત રાજપૂત સમાજ
સમસ્ત આશાપુરા મંદિર પરિવાર
+ cmyk
